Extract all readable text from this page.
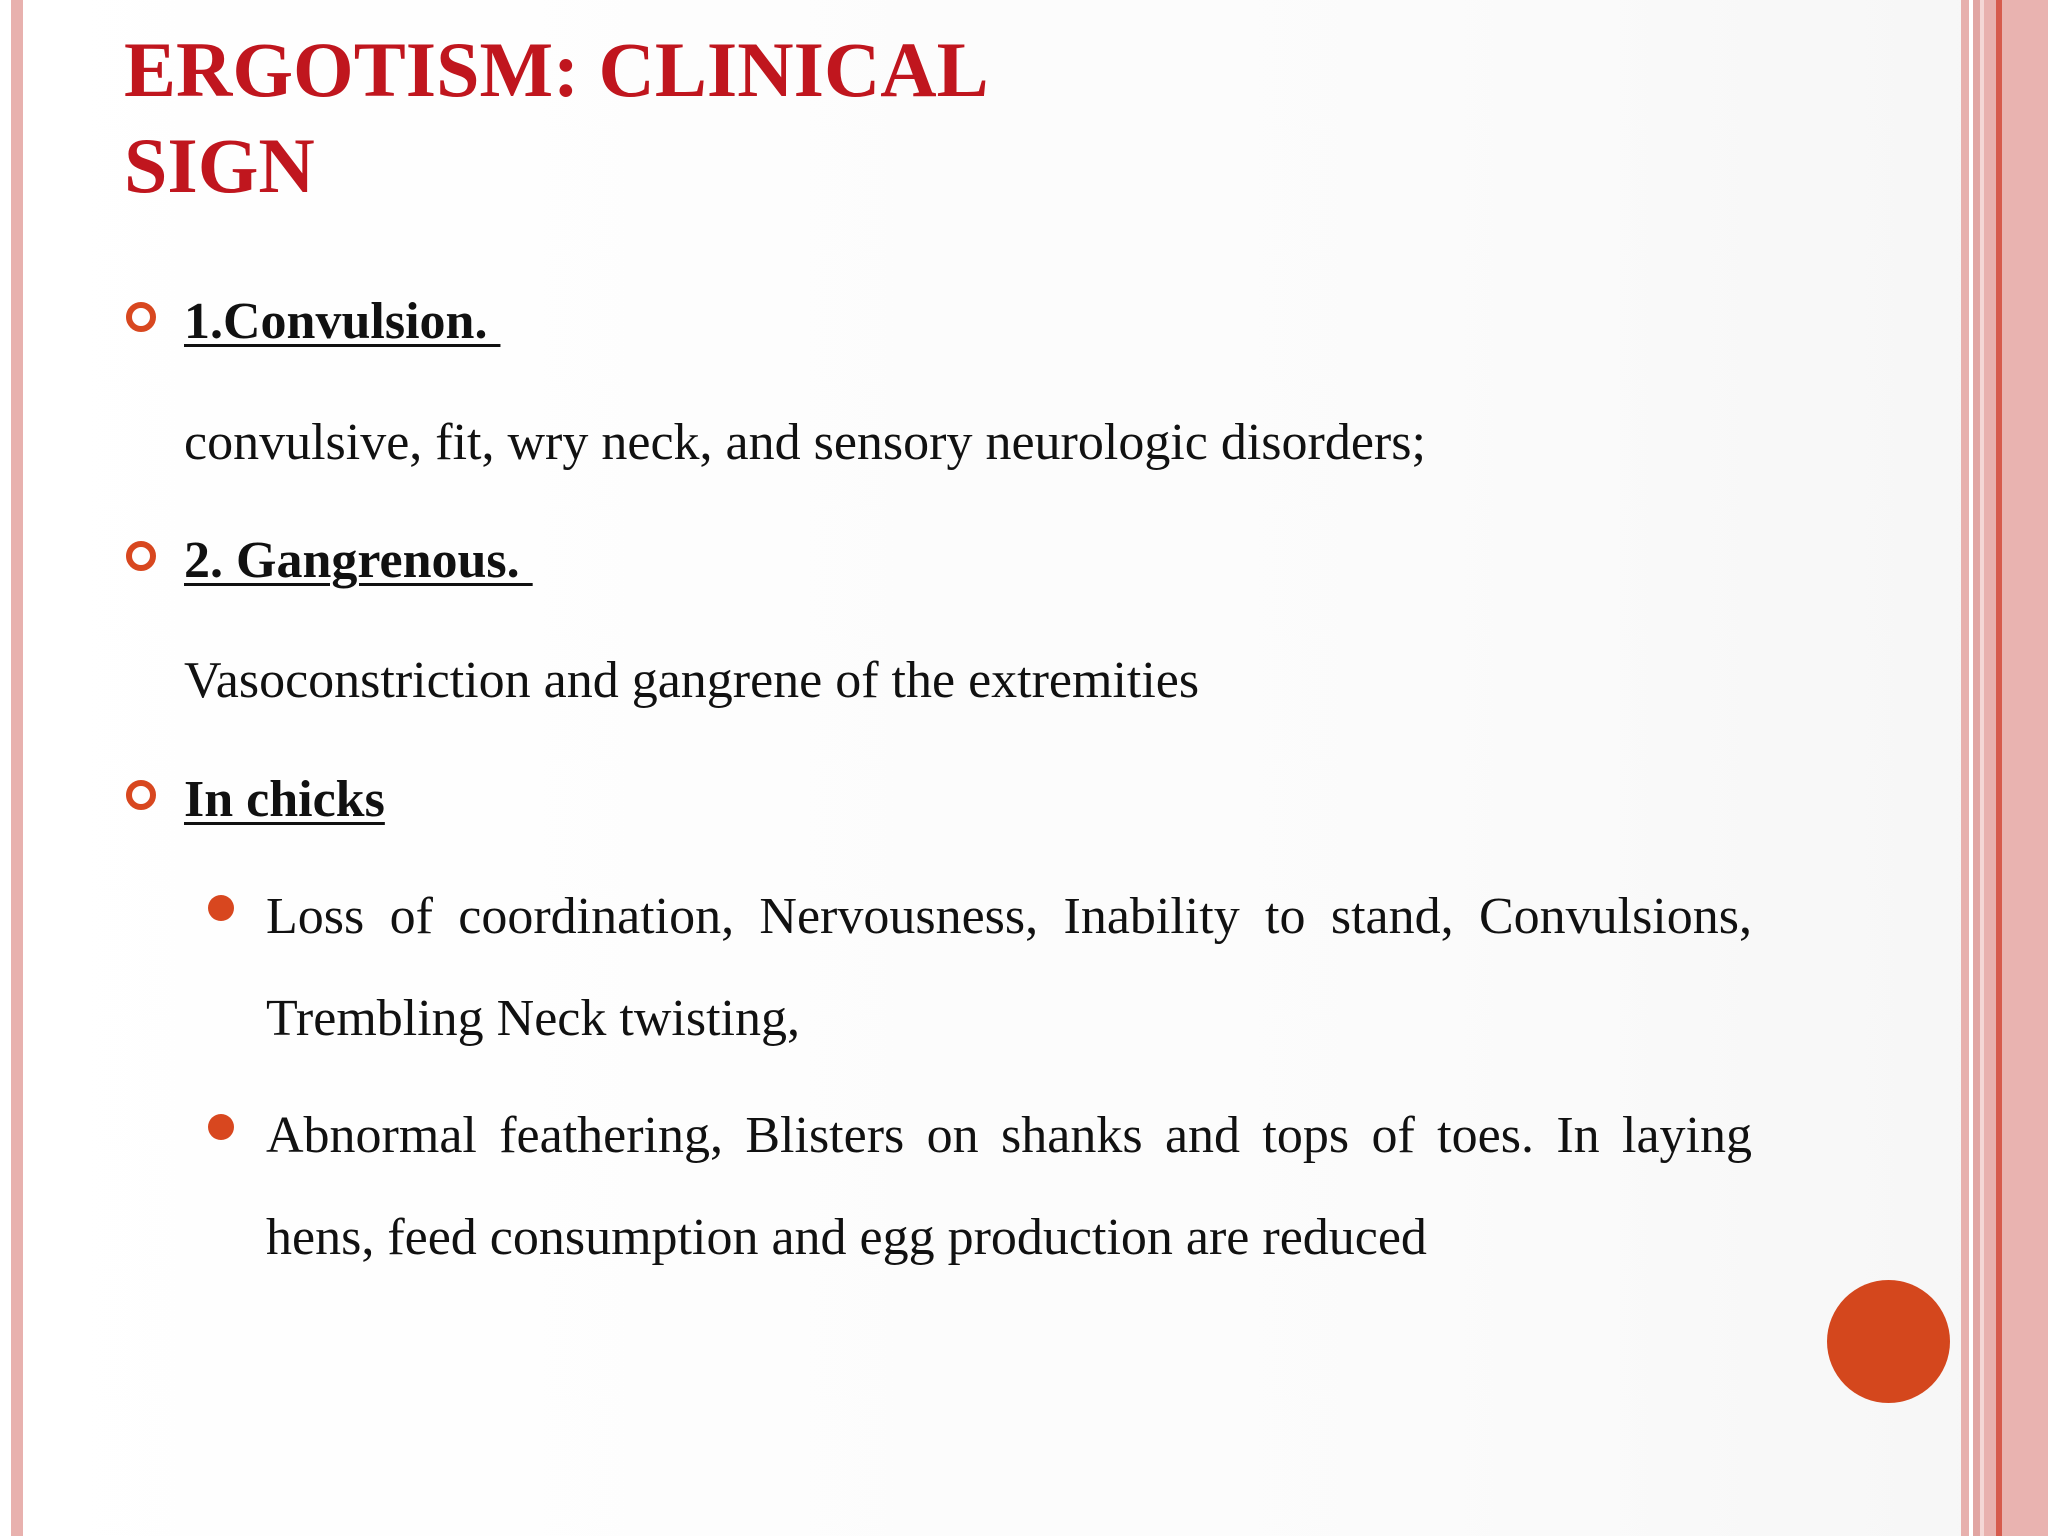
ERGOTISM: CLINICAL
SIGN

1.Convulsion.

convulsive, fit, wry neck, and sensory neurologic disorders;

2. Gangrenous.

Vasoconstriction and gangrene of the extremities

In chicks

Loss of coordination, Nervousness, Inability to stand, Convulsions, Trembling Neck twisting,

Abnormal feathering, Blisters on shanks and tops of toes. In laying hens, feed consumption and egg production are reduced
